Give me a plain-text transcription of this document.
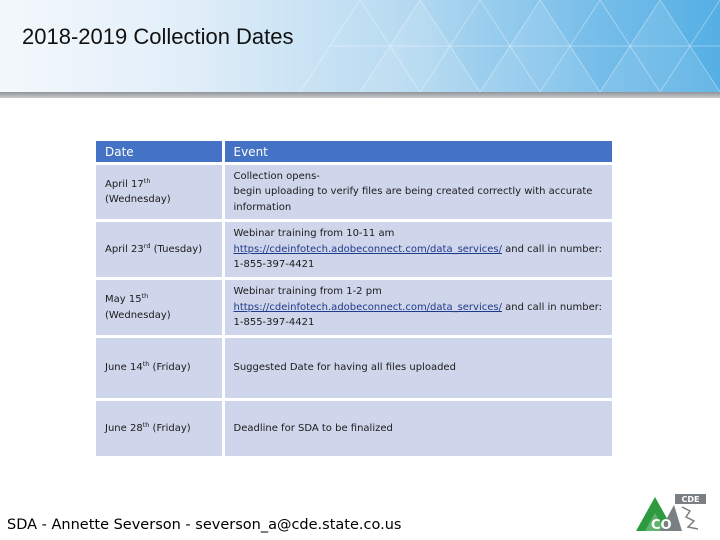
2018-2019 Collection Dates
Date	Event
April 17th
(Wednesday)	Collection opens-
begin uploading to verify files are being created correctly with accurate information
April 23rd (Tuesday)	Webinar training from 10-11 am
https://cdeinfotech.adobeconnect.com/data_services/ and call in number:
1-855-397-4421
May 15th
(Wednesday)	Webinar training from 1-2 pm
https://cdeinfotech.adobeconnect.com/data_services/ and call in number:
1-855-397-4421
June 14th (Friday)	Suggested Date for having all files uploaded
June 28th (Friday)	Deadline for SDA to be finalized
SDA - Annette Severson - severson_a@cde.state.co.us
CDE
CO
